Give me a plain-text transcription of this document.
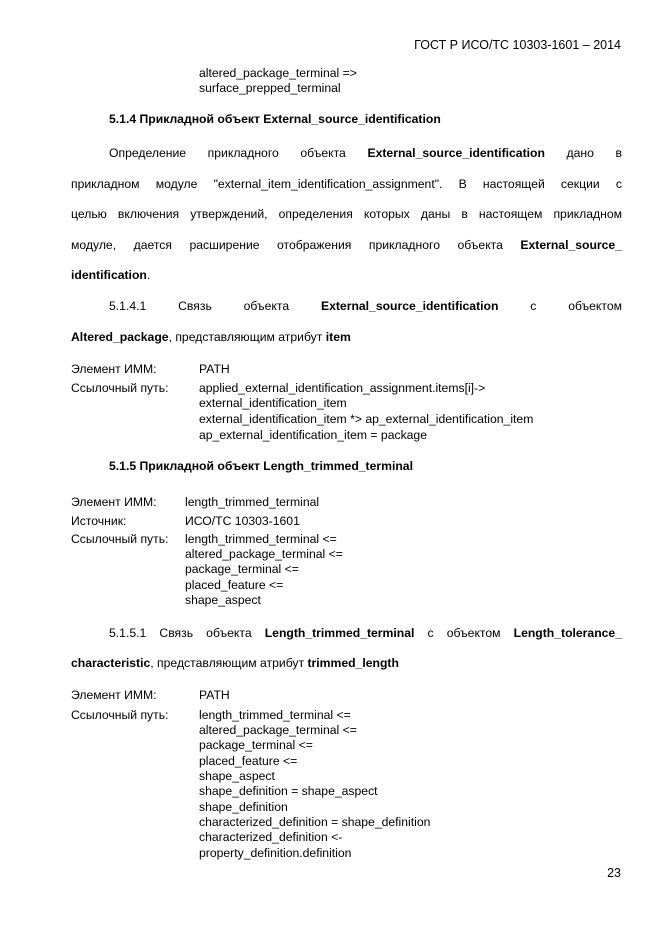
ГОСТ Р ИСО/ТС 10303-1601 – 2014
altered_package_terminal =>
surface_prepped_terminal
5.1.4 Прикладной объект External_source_identification
Определение прикладного объекта External_source_identification дано в
прикладном модуле "external_item_identification_assignment". В настоящей секции с
целью включения утверждений, определения которых даны в настоящем прикладном
модуле, дается расширение отображения прикладного объекта External_source_
identification.
5.1.4.1	Связь	объекта	External_source_identification	с	объектом
Altered_package, представляющим атрибут item
Элемент ИММ:	PATH
Ссылочный путь:	applied_external_identification_assignment.items[i]->
external_identification_item
external_identification_item *> ap_external_identification_item
ap_external_identification_item = package
5.1.5 Прикладной объект Length_trimmed_terminal
Элемент ИММ: length_trimmed_terminal
Источник:	ИСО/ТС 10303-1601
Ссылочный путь: length_trimmed_terminal <=
altered_package_terminal <=
package_terminal <=
placed_feature <=
shape_aspect
5.1.5.1 Связь объекта Length_trimmed_terminal с объектом Length_tolerance_
characteristic, представляющим атрибут trimmed_length
Элемент ИММ:	PATH
Ссылочный путь:	length_trimmed_terminal <=
altered_package_terminal <=
package_terminal <=
placed_feature <=
shape_aspect
shape_definition = shape_aspect
shape_definition
characterized_definition = shape_definition
characterized_definition <-
property_definition.definition
23
